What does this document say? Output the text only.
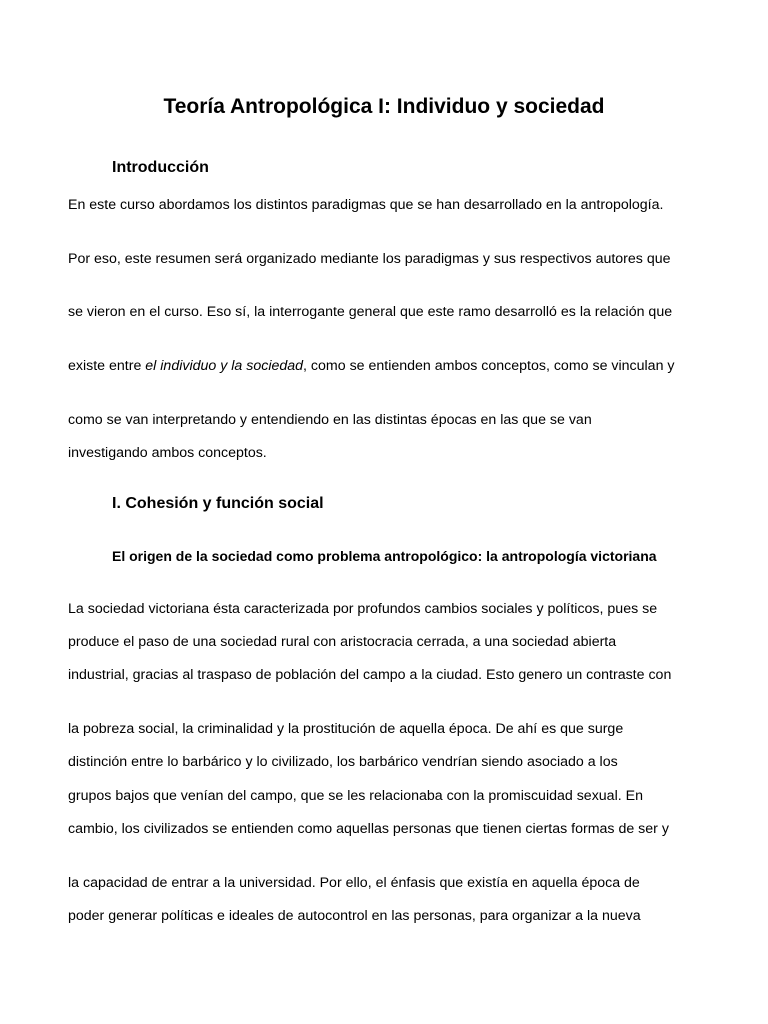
Teoría Antropológica I: Individuo y sociedad
Introducción

En este curso abordamos los distintos paradigmas que se han desarrollado en la antropología.

Por eso, este resumen será organizado mediante los paradigmas y sus respectivos autores que

se vieron en el curso. Eso sí, la interrogante general que este ramo desarrolló es la relación que

existe entre el individuo y la sociedad, como se entienden ambos conceptos, como se vinculan y

como se van interpretando y entendiendo en las distintas épocas en las que se van

investigando ambos conceptos.

I. Cohesión y función social
El origen de la sociedad como problema antropológico: la antropología victoriana

La sociedad victoriana ésta caracterizada por profundos cambios sociales y políticos, pues se

produce el paso de una sociedad rural con aristocracia cerrada, a una sociedad abierta

industrial, gracias al traspaso de población del campo a la ciudad. Esto genero un contraste con

la pobreza social, la criminalidad y la prostitución de aquella época. De ahí es que surge

distinción entre lo barbárico y lo civilizado, los barbárico vendrían siendo asociado a los

grupos bajos que venían del campo, que se les relacionaba con la promiscuidad sexual. En

cambio, los civilizados se entienden como aquellas personas que tienen ciertas formas de ser y

la capacidad de entrar a la universidad. Por ello, el énfasis que existía en aquella época de

poder generar políticas e ideales de autocontrol en las personas, para organizar a la nueva
